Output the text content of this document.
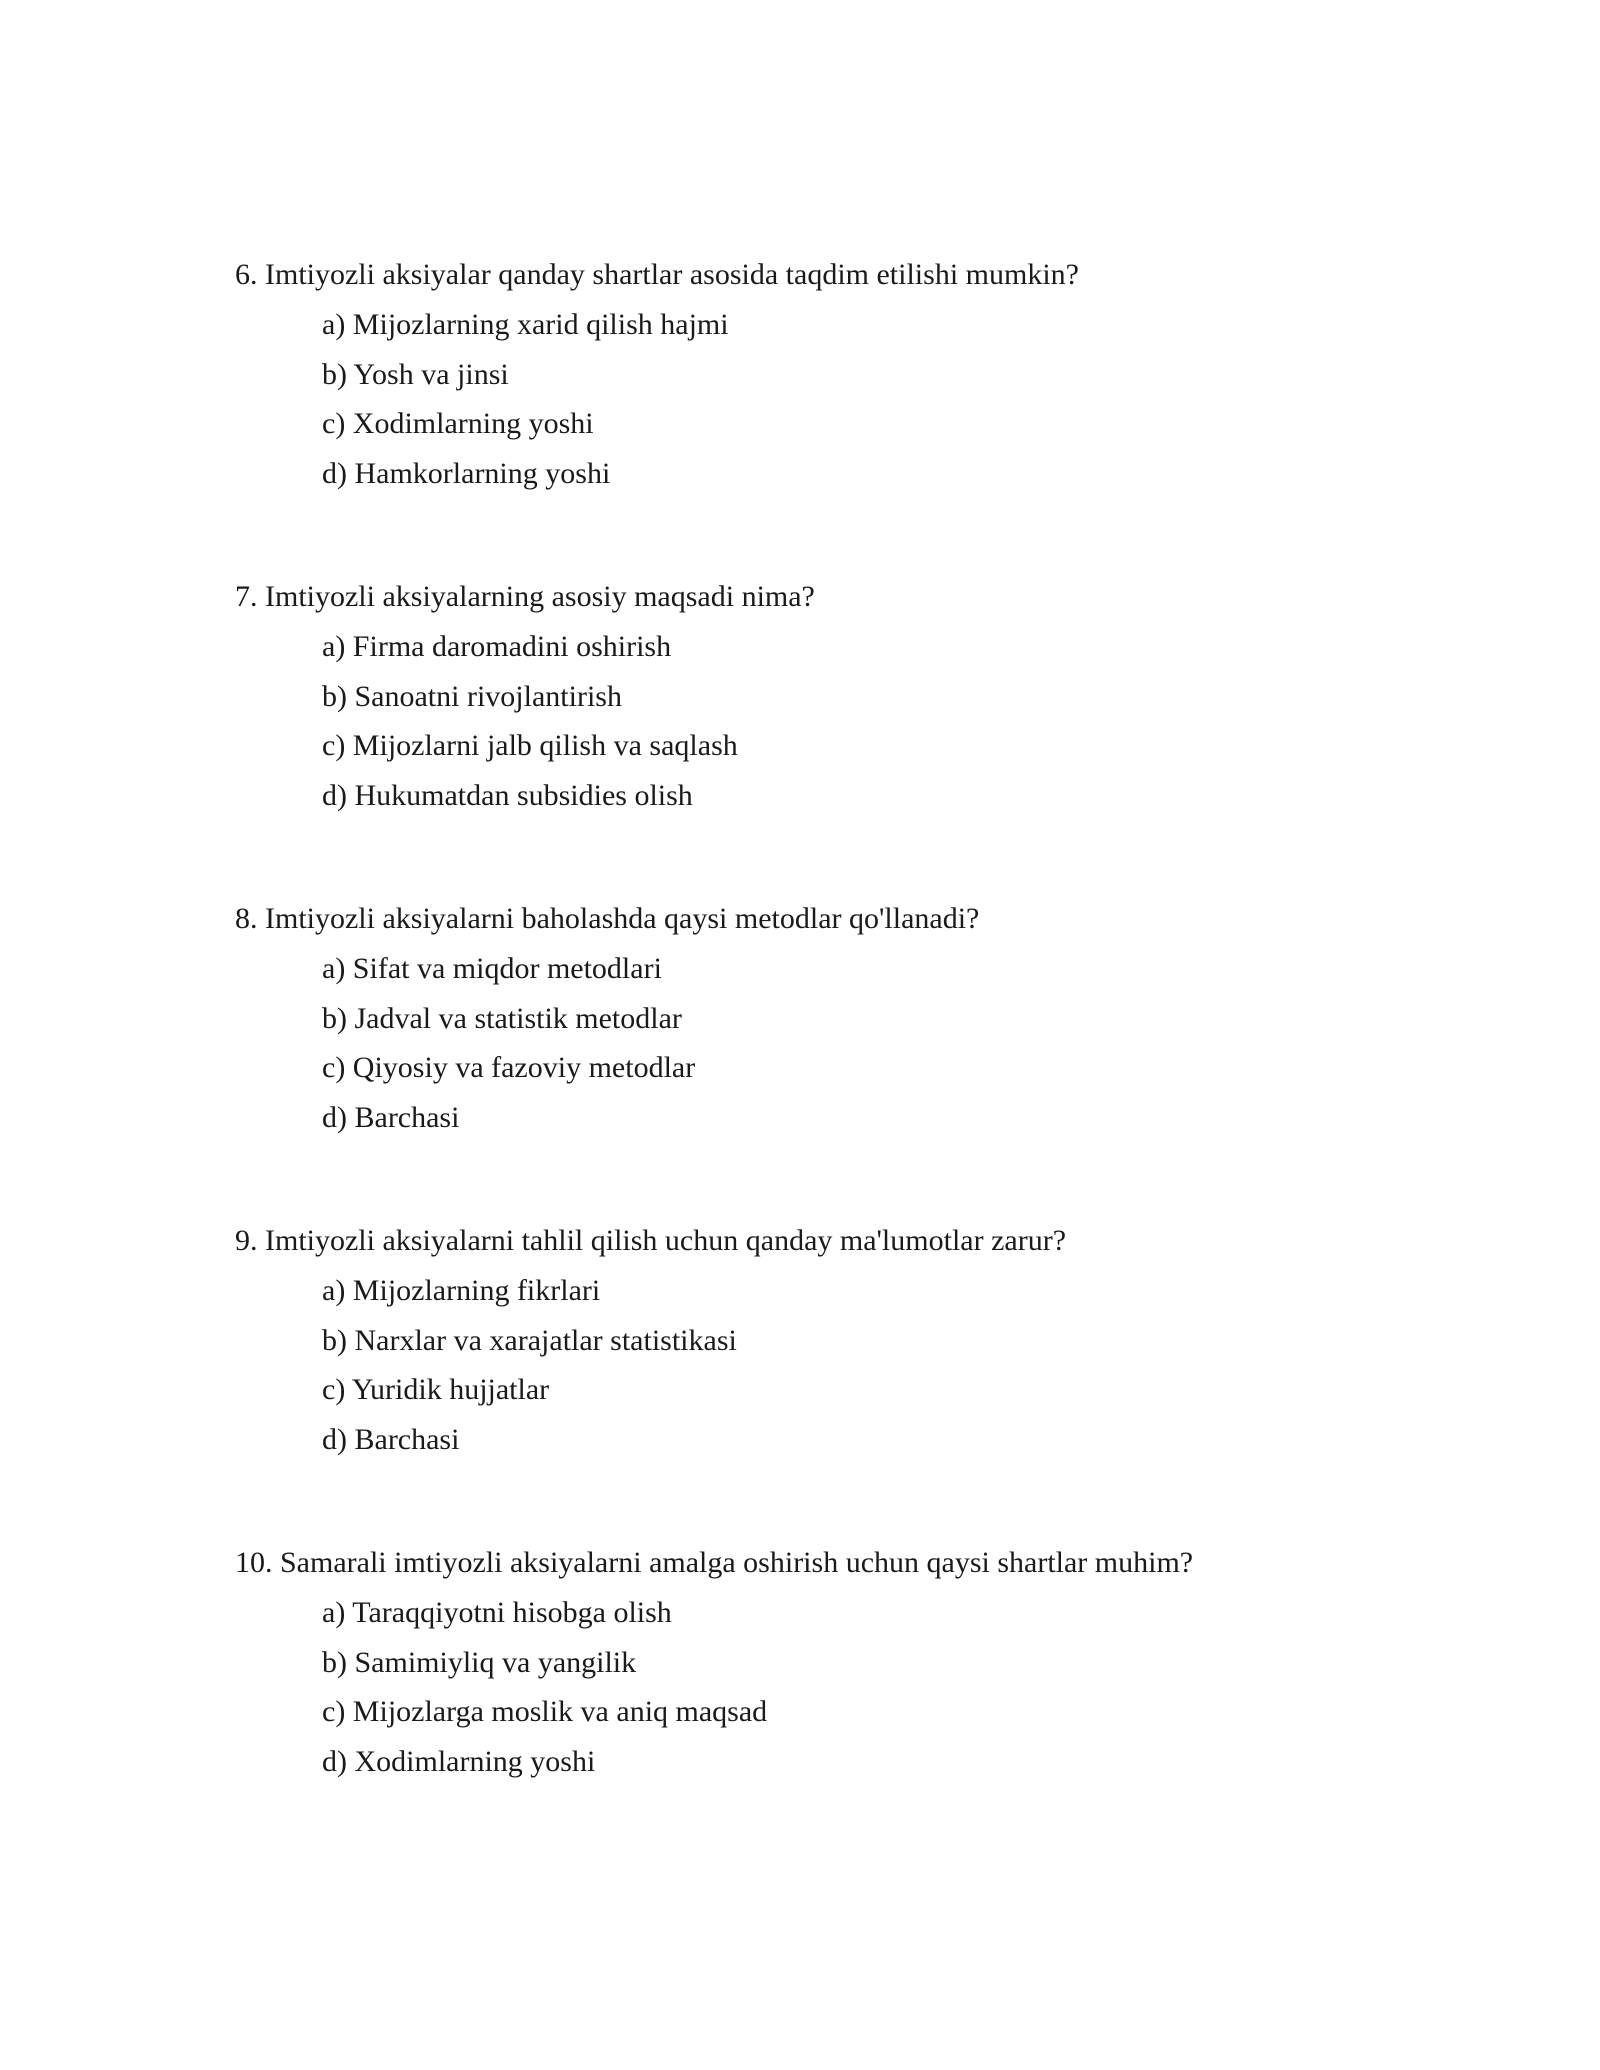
6. Imtiyozli aksiyalar qanday shartlar asosida taqdim etilishi mumkin?

a) Mijozlarning xarid qilish hajmi
b) Yosh va jinsi
c) Xodimlarning yoshi
d) Hamkorlarning yoshi

7. Imtiyozli aksiyalarning asosiy maqsadi nima?

a) Firma daromadini oshirish
b) Sanoatni rivojlantirish
c) Mijozlarni jalb qilish va saqlash
d) Hukumatdan subsidies olish

8. Imtiyozli aksiyalarni baholashda qaysi metodlar qo'llanadi?

a) Sifat va miqdor metodlari
b) Jadval va statistik metodlar
c) Qiyosiy va fazoviy metodlar
d) Barchasi

9. Imtiyozli aksiyalarni tahlil qilish uchun qanday ma'lumotlar zarur?

a) Mijozlarning fikrlari
b) Narxlar va xarajatlar statistikasi
c) Yuridik hujjatlar
d) Barchasi

10. Samarali imtiyozli aksiyalarni amalga oshirish uchun qaysi shartlar muhim?

a) Taraqqiyotni hisobga olish
b) Samimiyliq va yangilik
c) Mijozlarga moslik va aniq maqsad
d) Xodimlarning yoshi
